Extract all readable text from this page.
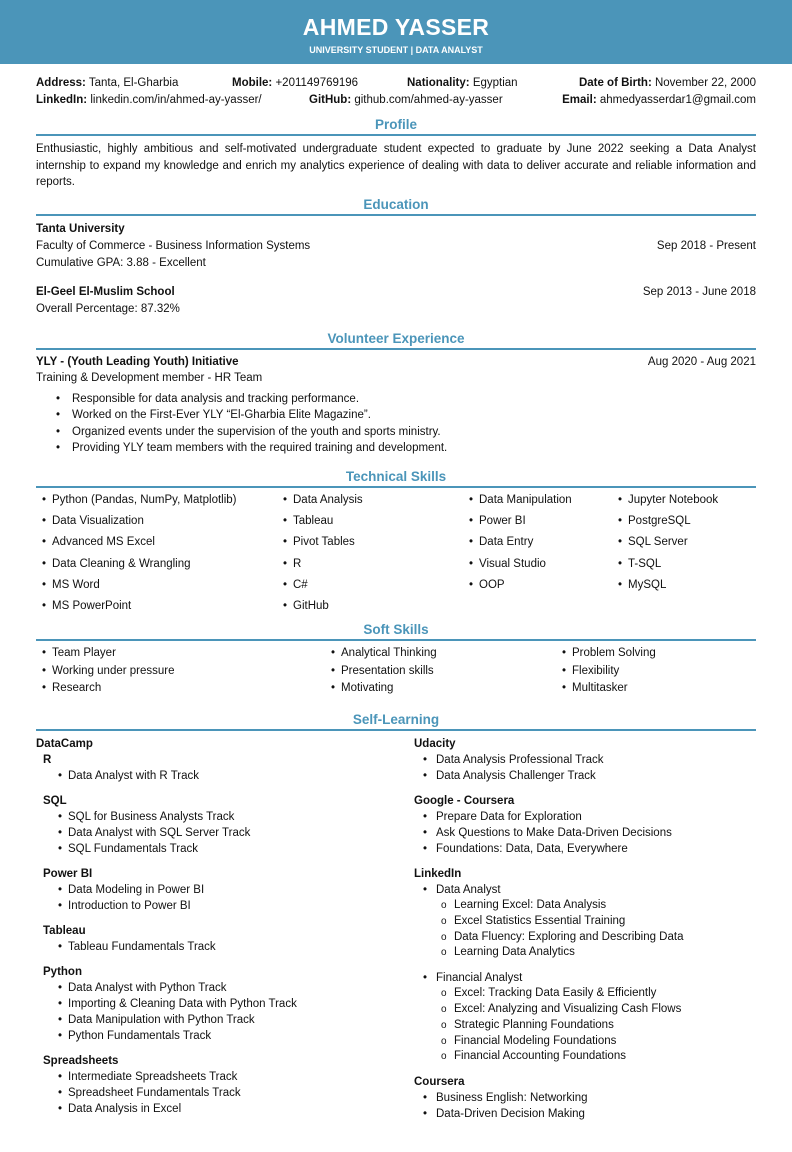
AHMED YASSER
UNIVERSITY STUDENT | DATA ANALYST
Address: Tanta, El-Gharbia	Mobile: +201149769196	Nationality: Egyptian	Date of Birth: November 22, 2000
LinkedIn: linkedin.com/in/ahmed-ay-yasser/	GitHub: github.com/ahmed-ay-yasser	Email: ahmedyasserdar1@gmail.com
Profile
Enthusiastic, highly ambitious and self-motivated undergraduate student expected to graduate by June 2022 seeking a Data Analyst internship to expand my knowledge and enrich my analytics experience of dealing with data to deliver accurate and reliable information and reports.
Education
Tanta University
Faculty of Commerce - Business Information Systems	Sep 2018 - Present
Cumulative GPA: 3.88 - Excellent
El-Geel El-Muslim School	Sep 2013 - June 2018
Overall Percentage: 87.32%
Volunteer Experience
YLY - (Youth Leading Youth) Initiative	Aug 2020 - Aug 2021
Training & Development member - HR Team
• Responsible for data analysis and tracking performance.
• Worked on the First-Ever YLY “El-Gharbia Elite Magazine”.
• Organized events under the supervision of the youth and sports ministry.
• Providing YLY team members with the required training and development.
Technical Skills
• Python (Pandas, NumPy, Matplotlib)
• Data Visualization
• Advanced MS Excel
• Data Cleaning & Wrangling
• MS Word
• MS PowerPoint
• Data Analysis
• Tableau
• Pivot Tables
• R
• C#
• GitHub
• Data Manipulation
• Power BI
• Data Entry
• Visual Studio
• OOP
• Jupyter Notebook
• PostgreSQL
• SQL Server
• T-SQL
• MySQL
Soft Skills
• Team Player
• Working under pressure
• Research
• Analytical Thinking
• Presentation skills
• Motivating
• Problem Solving
• Flexibility
• Multitasker
Self-Learning
DataCamp
R
• Data Analyst with R Track
SQL
• SQL for Business Analysts Track
• Data Analyst with SQL Server Track
• SQL Fundamentals Track
Power BI
• Data Modeling in Power BI
• Introduction to Power BI
Tableau
• Tableau Fundamentals Track
Python
• Data Analyst with Python Track
• Importing & Cleaning Data with Python Track
• Data Manipulation with Python Track
• Python Fundamentals Track
Spreadsheets
• Intermediate Spreadsheets Track
• Spreadsheet Fundamentals Track
• Data Analysis in Excel
Udacity
• Data Analysis Professional Track
• Data Analysis Challenger Track
Google - Coursera
• Prepare Data for Exploration
• Ask Questions to Make Data-Driven Decisions
• Foundations: Data, Data, Everywhere
LinkedIn
• Data Analyst
o Learning Excel: Data Analysis
o Excel Statistics Essential Training
o Data Fluency: Exploring and Describing Data
o Learning Data Analytics
• Financial Analyst
o Excel: Tracking Data Easily & Efficiently
o Excel: Analyzing and Visualizing Cash Flows
o Strategic Planning Foundations
o Financial Modeling Foundations
o Financial Accounting Foundations
Coursera
• Business English: Networking
• Data-Driven Decision Making
